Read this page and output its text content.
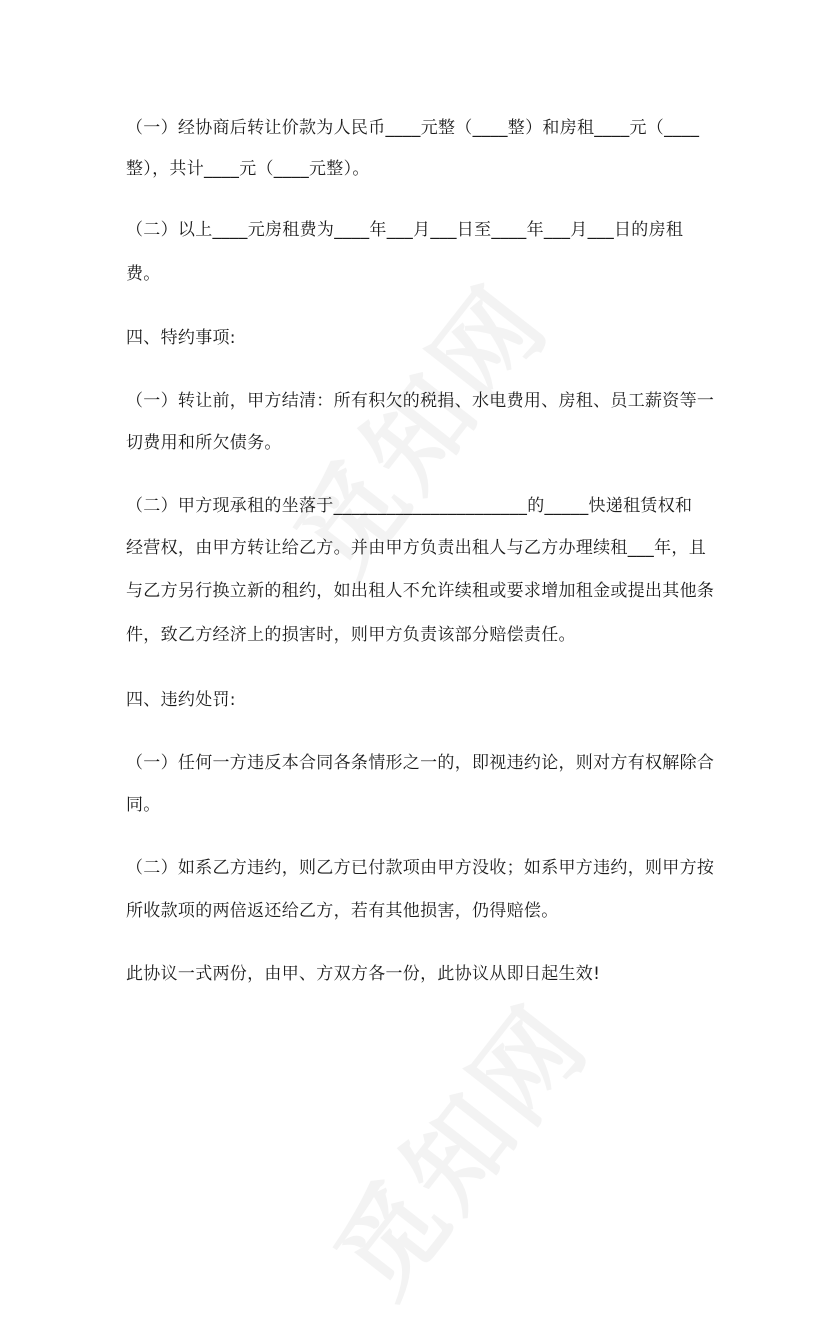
（一）经协商后转让价款为人民币____元整（____整）和房租____元（____
整），共计____元（____元整）。
（二）以上____元房租费为____年___月___日至____年___月___日的房租
费。
四、特约事项:
（一）转让前，甲方结清：所有积欠的税捐、水电费用、房租、员工薪资等一
切费用和所欠债务。
（二）甲方现承租的坐落于______________________的_____快递租赁权和
经营权，由甲方转让给乙方。并由甲方负责出租人与乙方办理续租___年，且
与乙方另行换立新的租约，如出租人不允许续租或要求增加租金或提出其他条
件，致乙方经济上的损害时，则甲方负责该部分赔偿责任。
四、违约处罚:
（一）任何一方违反本合同各条情形之一的，即视违约论，则对方有权解除合
同。
（二）如系乙方违约，则乙方已付款项由甲方没收；如系甲方违约，则甲方按
所收款项的两倍返还给乙方，若有其他损害，仍得赔偿。
此协议一式两份，由甲、方双方各一份，此协议从即日起生效!
